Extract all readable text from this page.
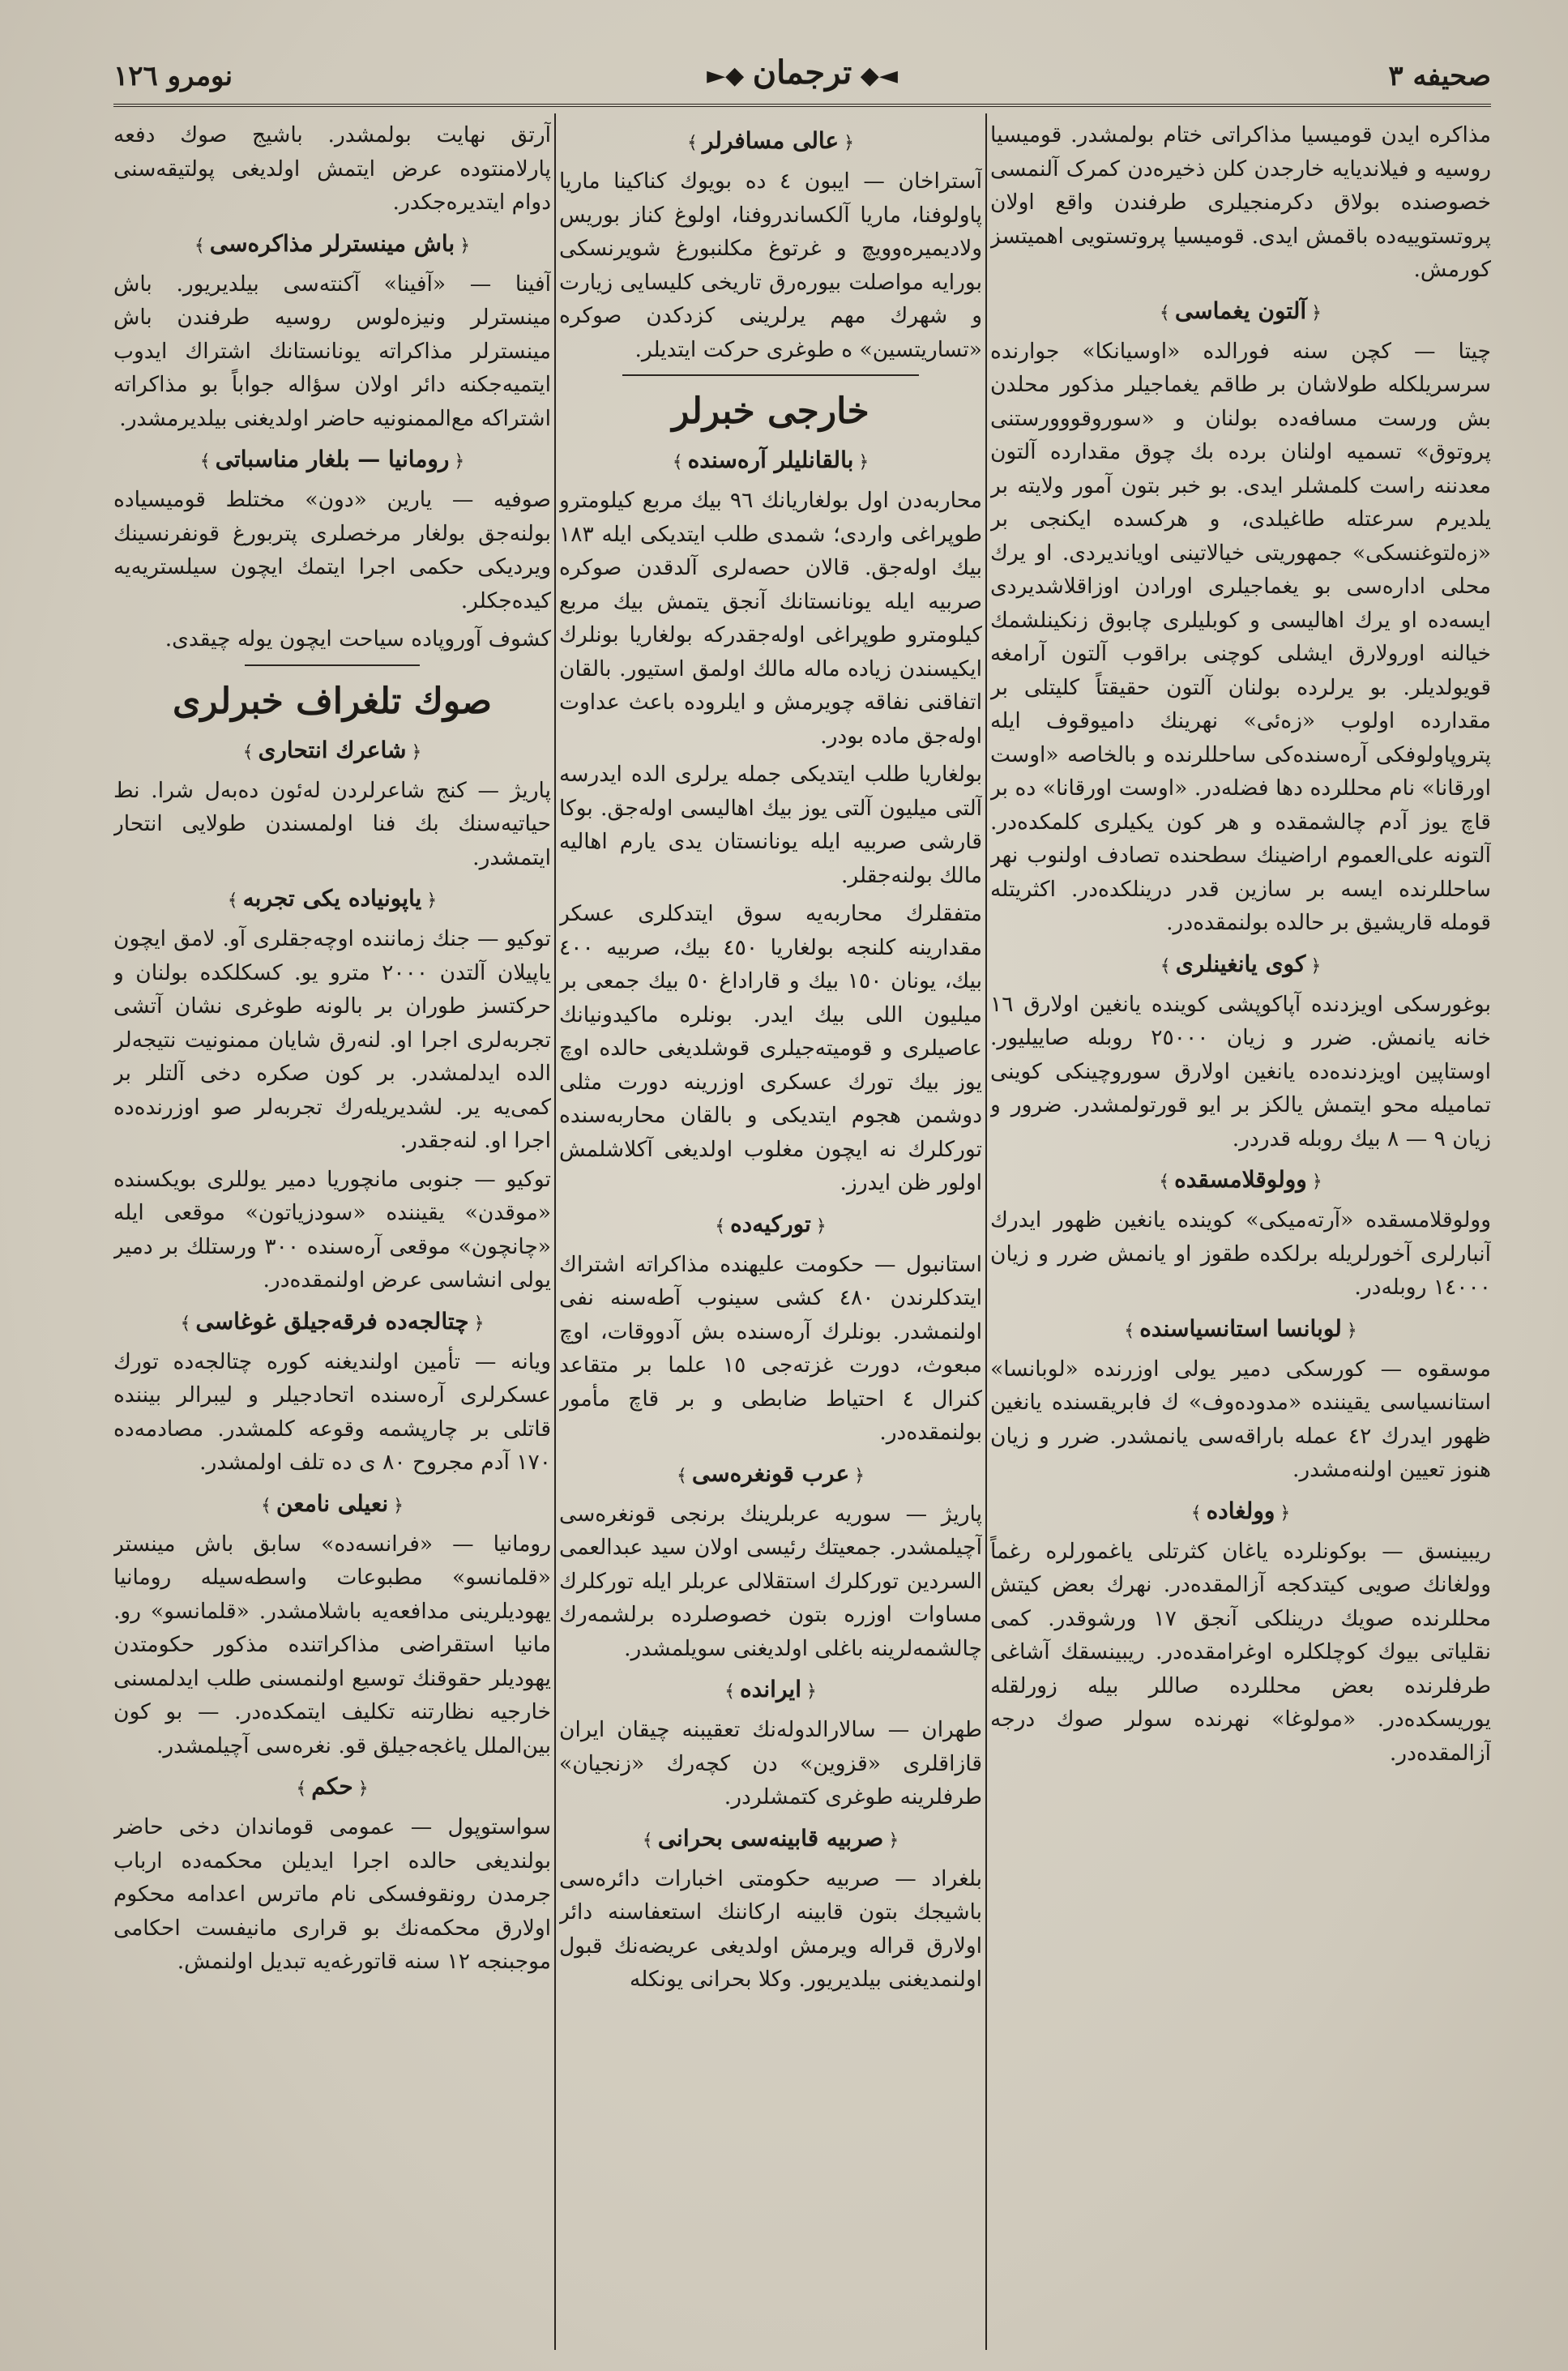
صحیفه ٣
◄◆ ترجمان ◆►
نومرو ١٢٦

مذاکره ایدن قومیسیا مذاکراتی ختام بولمشدر. قومیسیا روسیه و فیلاندیایه خارجدن کلن ذخیره‌دن کمرک آلنمسی خصوصنده بولاق دکرمنجیلری طرفندن واقع اولان پروتستوییه‌ده باقمش ایدی. قومیسیا پروتستویی اهمیتسز کورمش.

﴿آلتون یغماسی﴾

چیتا — کچن سنه فورالده «اوسیانکا» جوارنده سرسریلکله طولاشان بر طاقم یغماجیلر مذکور محلدن بش ورست مسافه‌ده بولنان و «سوروقووورستنی پروتوق» تسمیه اولنان برده بك چوق مقدارده آلتون معدننه راست کلمشلر ایدی. بو خبر بتون آمور ولایته بر یلدیرم سرعتله طاغیلدی، و هرکسده ایکنجی بر «زەلتوغنسکی» جمهوریتی خیالاتینی اویاندیردی. او یرك محلی ادارەسی بو یغماجیلری اورادن اوزاقلاشدیردی ایسه‌ده او یرك اهالیسی و کوبلیلری چابوق زنکینلشمك خیالنه اورولارق ایشلی کوچنی براقوب آلتون آرامغه قویولدیلر. بو یرلرده بولنان آلتون حقیقتاً کلیتلی بر مقدارده اولوب «زەئی» نهرینك دامیوقوف ایله پتروپاولوفکی آرەسندەکی ساحللرنده و بالخاصه «اوست اورقانا» نام محللرده دها فضله‌در. «اوست اورقانا» ده بر قاچ یوز آدم چالشمقده و هر کون یکیلری کلمکده‌در. آلتونه علی‌العموم اراضینك سطحنده تصادف اولنوب نهر ساحللرنده ایسه بر سازین قدر درینلکده‌در. اکثریتله قومله قاریشیق بر حالده بولنمقده‌در.

﴿کوی یانغینلری﴾

بوغورسکی اویزدنده آپاکوپشی کوینده یانغین اولارق ١٦ خانه یانمش. ضرر و زیان ٢٥٠٠٠ روبله صاییلیور. اوستاپین اویزدنده‌ده یانغین اولارق سوروچینکی کوینی تمامیله محو ایتمش یالکز بر ایو قورتولمشدر. ضرور و زیان ٩ — ٨ بیك روبله قدردر.

﴿وولوقلامسقده﴾

وولوقلامسقده «آرتەمیکی» کوینده یانغین ظهور ایدرك آنبارلری آخورلریله برلکده طقوز او یانمش ضرر و زیان ١٤٠٠٠ روبله‌در.

﴿لوبانسا استانسیاسنده﴾

موسقوه — کورسکی دمیر یولی اوزرنده «لوبانسا» استانسیاسی یقیننده «مدوده‌وف» ك فابریقسنده یانغین ظهور ایدرك ٤٢ عمله بارا‌قەسی یانمشدر. ضرر و زیان هنوز تعیین اولنه‌مشدر.

﴿وولغاده﴾

ریبینسق — بوکونلرده یاغان کثرتلی یاغمورلره رغماً وولغانك صویی کیتدکجه آزالمقده‌در. نهرك بعض کیتش محللرنده صویك درینلکی آنجق ١٧ ورشوقدر. کمی نقلیاتی بیوك کوچلکلره اوغرامقده‌در. ریبینسقك آشاغی طرفلرنده بعض محللرده صاللر بیله زورلقله یوریسکده‌در. «مولوغا» نهرنده سولر صوك درجه آزالمقده‌در.

﴿عالی مسافرلر﴾

آستراخان — ایبون ٤ ده بویوك کنا‌کینا ماریا پاولوفنا، ماریا آلکساندروفنا، اولوغ کناز بوریس ولادیمیرەوویچ و غرتوغ مکلنبورغ شویرنسکی بورایه مواصلت بیورەرق تاریخی کلیسایی زیارت و شهرك مهم یرلرینی کزدکدن صوکره «تساریتسین» ه طوغری حرکت ایتدیلر.

خارجی خبرلر
﴿بالقانلیلر آرەسنده﴾

محاربەدن اول بولغاریانك ٩٦ بیك مربع کیلومترو طوپراغی واردی؛ شمدی طلب ایتدیکی ایله ١٨٣ بیك اولەجق. قالان حصەلری آلدقدن صوکره صربیه ایله یونانستانك آنجق یتمش بیك مربع کیلومترو طوپراغی اولەجقدرکه بولغاریا بونلرك ایکیسندن زیاده ماله مالك اولمق استیور. بالقان اتفاقنی نفاقه چویرمش و ایلروده باعث عداوت اولەجق ماده بودر.

بولغاریا طلب ایتدیکی جمله یرلری الده ایدرسه آلتی میلیون آلتی یوز بیك اهالیسی اولەجق. بوکا قارشی صربیه ایله یونانستان یدی یارم اهالیه مالك بولنه‌جقلر.

متفقلرك محاربه‌یه سوق ایتدکلری عسکر مقدارینه کلنجه بولغاریا ٤٥٠ بیك، صربیه ٤٠٠ بیك، یونان ١٥٠ بیك و قاراداغ ٥٠ بیك جمعی بر میلیون اللی بیك ایدر. بونلره ماکیدونیانك عاصیلری و قومیته‌جیلری قوشلدیغی حالده اوچ یوز بیك تورك عسکری اوزرینه دورت مثلی دوشمن هجوم ایتدیکی و بالقان محاربه‌سنده تورکلرك نه ایچون مغلوب اولدیغی آکلاشلمش اولور ظن ایدرز.

﴿تورکیه‌ده﴾

استانبول — حکومت علیهنده مذاکراته اشتراك ایتدکلرندن ٤٨٠ کشی سینوب آطه‌سنه نفی اولنمشدر. بونلرك آرەسنده بش آدووقات، اوچ مبعوث، دورت غزته‌جی ١٥ علما بر متقاعد کنرال ٤ احتیاط ضابطی و بر قاچ مأمور بولنمقده‌در.

﴿عرب قونغرەسی﴾

پاریژ — سوریه عربلرینك برنجی قونغره‌سی آچیلمشدر. جمعیتك رئیسی اولان سید عبدالعمی السردین تورکلرك استقلالی عربلر ایله تورکلرك مساوات اوزره بتون خصوصلرده برلشمه‌رك چا‌لشمه‌لرینه باغلی اولدیغنی سویلمشدر.

﴿ایرانده﴾

طهران — سالارالدولەنك تعقیبنه چیقان ایران قازاقلری «قزوین» دن کچه‌رك «زنجیان» طرفلرینه طوغری کتمشلردر.

﴿صربیه قابینەسی بحرانی﴾

بلغراد — صربیه حکومتی اخبارات دائرەسی باشیجك بتون قابینه ارکاننك استعفاسنه دائر اولارق قراله ویرمش اولدیغی عریضەنك قبول اولنمدیغنی بیلدیریور. وکلا بحرانی یونکله

آرتق نهایت بولمشدر. باشیج صوك دفعه پارلامنتوده عرض ایتمش اولدیغی پولتیقەسنی دوام ایتدیره‌جکدر.

﴿باش مینسترلر مذاکرەسی﴾

آفینا — «آفینا» آکنته‌سی بیلدیریور. باش مینسترلر ونیزەلوس روسیه طرفندن باش مینسترلر مذاکراته یونانستانك اشتراك ایدوب ایتمیه‌جکنه دائر اولان سؤاله جواباً بو مذاکراته اشتراکه مع‌الممنونیه حاضر اولدیغنی بیلدیرمشدر.

﴿رومانیا — بلغار مناسباتی﴾

صوفیه — یارین «دون» مختلط قومیسیاده بولنه‌جق بولغار مرخصلری پتربورغ قونفرنسینك ویردیکی حکمی اجرا ایتمك ایچون سیلستریه‌یه کیده‌جکلر.

کشوف آوروپاده سیاحت ایچون یوله چیقدی.

صوك تلغراف خبرلری
﴿شاعرك انتحاری﴾

پاریژ — کنج شاعرلردن لەئون ده‌بەل شرا. نط حیاتیه‌سنك بك فنا اولمسندن طولایی انتحار ایتمشدر.

﴿یاپونیاده یکی تجربه﴾

توکیو — جنك زماننده اوچه‌جقلری آو. لامق ایچون یاپیلان آلتدن ٢٠٠٠ مترو یو. کسکلکده بولنان و حرکتسز طوران بر بالونه طوغری نشان آتشی تجربەلری اجرا او. لنه‌رق شایان ممنونیت نتیجه‌لر الده ایدلمشدر. بر کون صکره دخی آلتلر بر کمی‌یه یر. لشدیریلەرك تجربه‌لر صو اوزرنده‌ده اجرا او. لنه‌جقدر.

توکیو — جنوبی مانچوریا دمیر یوللری بویکسنده «موقدن» یقیننده «سودزیاتون» موقعی ایله «چانچون» موقعی آرەسنده ٣٠٠ ورستلك بر دمیر یولی انشاسی عرض اولنمقده‌در.

﴿چتالجه‌ده فرقه‌جیلق غوغاسی﴾

ویانه — تأمین اولندیغنه کوره چتالجه‌ده تورك عسکرلری آرەسنده اتحادجیلر و لیبرالر بیننده قاتلی بر چارپشمه وقوعه کلمشدر. مصادمه‌ده ١٧٠ آدم مجروح ٨٠ ی ده تلف اولمشدر.

﴿نعیلی نامعن﴾

رومانیا — «فرانسه‌ده» سابق باش مینستر «قلمانسو» مطبوعات واسطه‌سیله رومانیا یهودیلرینی مدافعه‌یه باشلامشدر. «قلمانسو» رو. مانیا استقراضی مذاکراتنده مذکور حکومتدن یهودیلر حقوقنك توسیع اولنمسنی طلب ایدلمسنی خارجیه نظارتنه تکلیف ایتمکده‌در. — بو کون بین‌الملل یاغجه‌جیلق قو. نغرەسی آچیلمشدر.

﴿حکم﴾

سواستوپول — عمومی قوماندان دخی حاضر بولندیغی حالده اجرا ایدیلن محکمه‌ده ارباب جرمدن رونقوفسکی نام ماترس اعدامه محکوم اولارق محکمه‌نك بو قراری مانیفست احکامی موجبنجه ١٢ سنه قاتورغه‌یه تبدیل اولنمش.
